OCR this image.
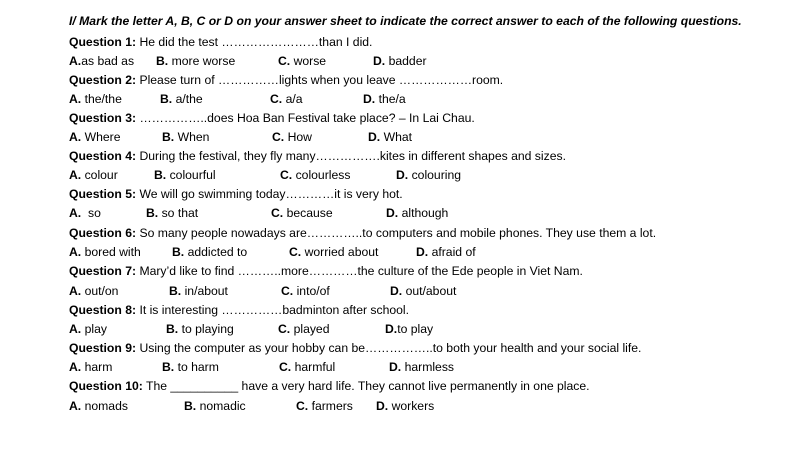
I/ Mark the letter A, B, C or D on your answer sheet to indicate the correct answer to each of the following questions.
Question 1: He did the test ……………………than I did.
A.as bad as B. more worse	C. worse	D. badder
Question 2: Please turn of ……………lights when you leave ………………room.
A. the/the	B. a/the	C. a/a	D. the/a
Question 3: ……………..does Hoa Ban Festival take place? – In Lai Chau.
A. Where	B. When	C. How	D. What
Question 4: During the festival, they fly many…………….kites in different shapes and sizes.
A. colour	B. colourful	C. colourless	D. colouring
Question 5: We will go swimming today…………it is very hot.
A. so	B. so that	C. because	D. although
Question 6: So many people nowadays are…………..to computers and mobile phones. They use them a lot.
A. bored with	B. addicted to	C. worried about	D. afraid of
Question 7: Mary’d like to find ………..more…………the culture of the Ede people in Viet Nam.
A. out/on	B. in/about	C. into/of	D. out/about
Question 8: It is interesting ……………badminton after school.
A. play	B. to playing	C. played	D.to play
Question 9: Using the computer as your hobby can be……………..to both your health and your social life.
A. harm	B. to harm	C. harmful	D. harmless
Question 10: The __________ have a very hard life. They cannot live permanently in one place.
A. nomads	B. nomadic	C. farmers D. workers
